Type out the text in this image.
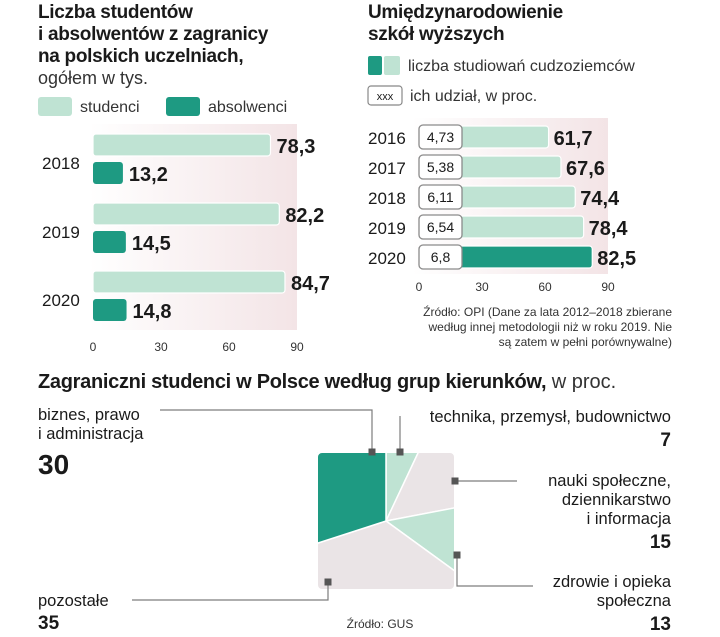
Liczba studentów
i absolwentów z zagranicy
na polskich uczelniach,
ogółem w tys.
studenci	absolwenci
78,3
13,2
2018
82,2
14,5
2019
84,7
14,8
2020
0	30	60	90
Umiędzynarodowienie
szkół wyższych
liczba studiowań cudzoziemców
xxx ich udział, w proc.
61,7
4,73
2016
67,6
5,38
2017
74,4
6,11
2018
78,4
6,54
2019
82,5
6,8
2020
0	30	60	90
Źródło: OPI (Dane za lata 2012–2018 zbierane
według innej metodologii niż w roku 2019. Nie
są zatem w pełni porównywalne)
Zagraniczni studenci w Polsce według grup kierunków, w proc.
biznes, prawo
i administracja
30
technika, przemysł, budownictwo
7
nauki społeczne,
dziennikarstwo
i informacja
15
zdrowie i opieka
społeczna
13
pozostałe
35	Źródło: GUS
